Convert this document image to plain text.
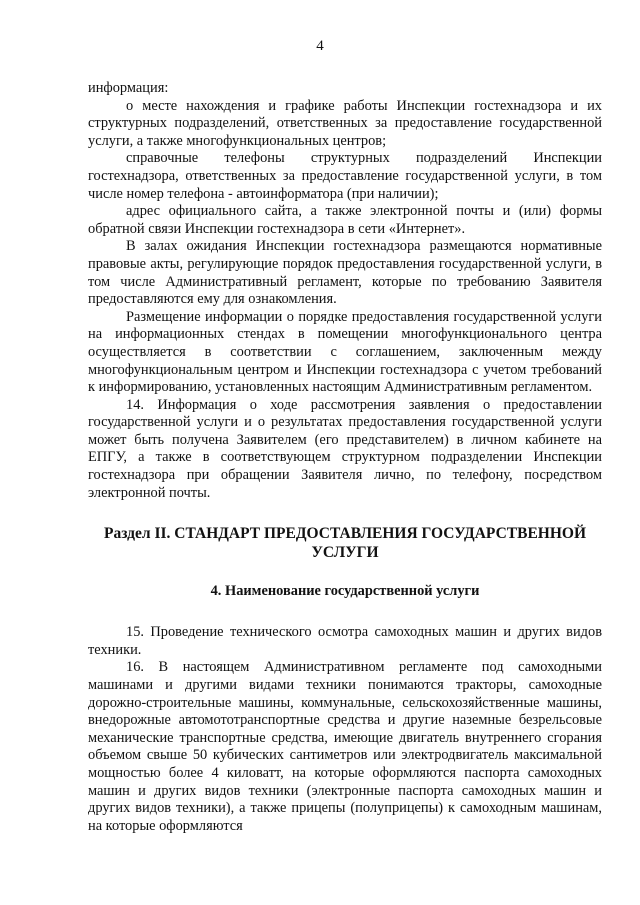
4

информация:

о месте нахождения и графике работы Инспекции гостехнадзора и их структурных подразделений, ответственных за предоставление государственной услуги, а также многофункциональных центров;

справочные телефоны структурных подразделений Инспекции гостехнадзора, ответственных за предоставление государственной услуги, в том числе номер телефона - автоинформатора (при наличии);

адрес официального сайта, а также электронной почты и (или) формы обратной связи Инспекции гостехнадзора в сети «Интернет».

В залах ожидания Инспекции гостехнадзора размещаются нормативные правовые акты, регулирующие порядок предоставления государственной услуги, в том числе Административный регламент, которые по требованию Заявителя предоставляются ему для ознакомления.

Размещение информации о порядке предоставления государственной услуги на информационных стендах в помещении многофункционального центра осуществляется в соответствии с соглашением, заключенным между многофункциональным центром и Инспекции гостехнадзора с учетом требований к информированию, установленных настоящим Административным регламентом.

14. Информация о ходе рассмотрения заявления о предоставлении государственной услуги и о результатах предоставления государственной услуги может быть получена Заявителем (его представителем) в личном кабинете на ЕПГУ, а также в соответствующем структурном подразделении Инспекции гостехнадзора при обращении Заявителя лично, по телефону, посредством электронной почты.

Раздел II. СТАНДАРТ ПРЕДОСТАВЛЕНИЯ ГОСУДАРСТВЕННОЙ УСЛУГИ
4. Наименование государственной услуги

15. Проведение технического осмотра самоходных машин и других видов техники.

16. В настоящем Административном регламенте под самоходными машинами и другими видами техники понимаются тракторы, самоходные дорожно-строительные машины, коммунальные, сельскохозяйственные машины, внедорожные автомототранспортные средства и другие наземные безрельсовые механические транспортные средства, имеющие двигатель внутреннего сгорания объемом свыше 50 кубических сантиметров или электродвигатель максимальной мощностью более 4 киловатт, на которые оформляются паспорта самоходных машин и других видов техники (электронные паспорта самоходных машин и других видов техники), а также прицепы (полуприцепы) к самоходным машинам, на которые оформляются
